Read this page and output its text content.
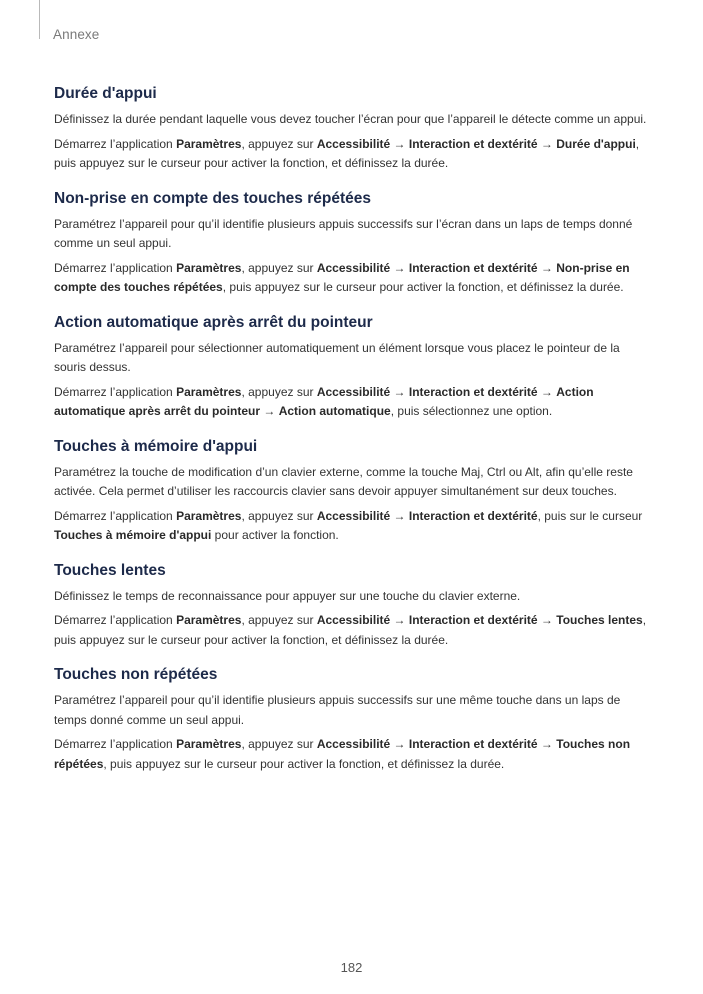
Annexe
Durée d'appui

Définissez la durée pendant laquelle vous devez toucher l’écran pour que l’appareil le détecte comme un appui.

Démarrez l’application Paramètres, appuyez sur Accessibilité → Interaction et dextérité → Durée d'appui, puis appuyez sur le curseur pour activer la fonction, et définissez la durée.

Non-prise en compte des touches répétées

Paramétrez l’appareil pour qu’il identifie plusieurs appuis successifs sur l’écran dans un laps de temps donné comme un seul appui.

Démarrez l’application Paramètres, appuyez sur Accessibilité → Interaction et dextérité → Non-prise en compte des touches répétées, puis appuyez sur le curseur pour activer la fonction, et définissez la durée.

Action automatique après arrêt du pointeur

Paramétrez l’appareil pour sélectionner automatiquement un élément lorsque vous placez le pointeur de la souris dessus.

Démarrez l’application Paramètres, appuyez sur Accessibilité → Interaction et dextérité → Action automatique après arrêt du pointeur → Action automatique, puis sélectionnez une option.

Touches à mémoire d'appui

Paramétrez la touche de modification d’un clavier externe, comme la touche Maj, Ctrl ou Alt, afin qu’elle reste activée. Cela permet d’utiliser les raccourcis clavier sans devoir appuyer simultanément sur deux touches.

Démarrez l’application Paramètres, appuyez sur Accessibilité → Interaction et dextérité, puis sur le curseur Touches à mémoire d'appui pour activer la fonction.

Touches lentes

Définissez le temps de reconnaissance pour appuyer sur une touche du clavier externe.

Démarrez l’application Paramètres, appuyez sur Accessibilité → Interaction et dextérité → Touches lentes, puis appuyez sur le curseur pour activer la fonction, et définissez la durée.

Touches non répétées

Paramétrez l’appareil pour qu’il identifie plusieurs appuis successifs sur une même touche dans un laps de temps donné comme un seul appui.

Démarrez l’application Paramètres, appuyez sur Accessibilité → Interaction et dextérité → Touches non répétées, puis appuyez sur le curseur pour activer la fonction, et définissez la durée.

182
